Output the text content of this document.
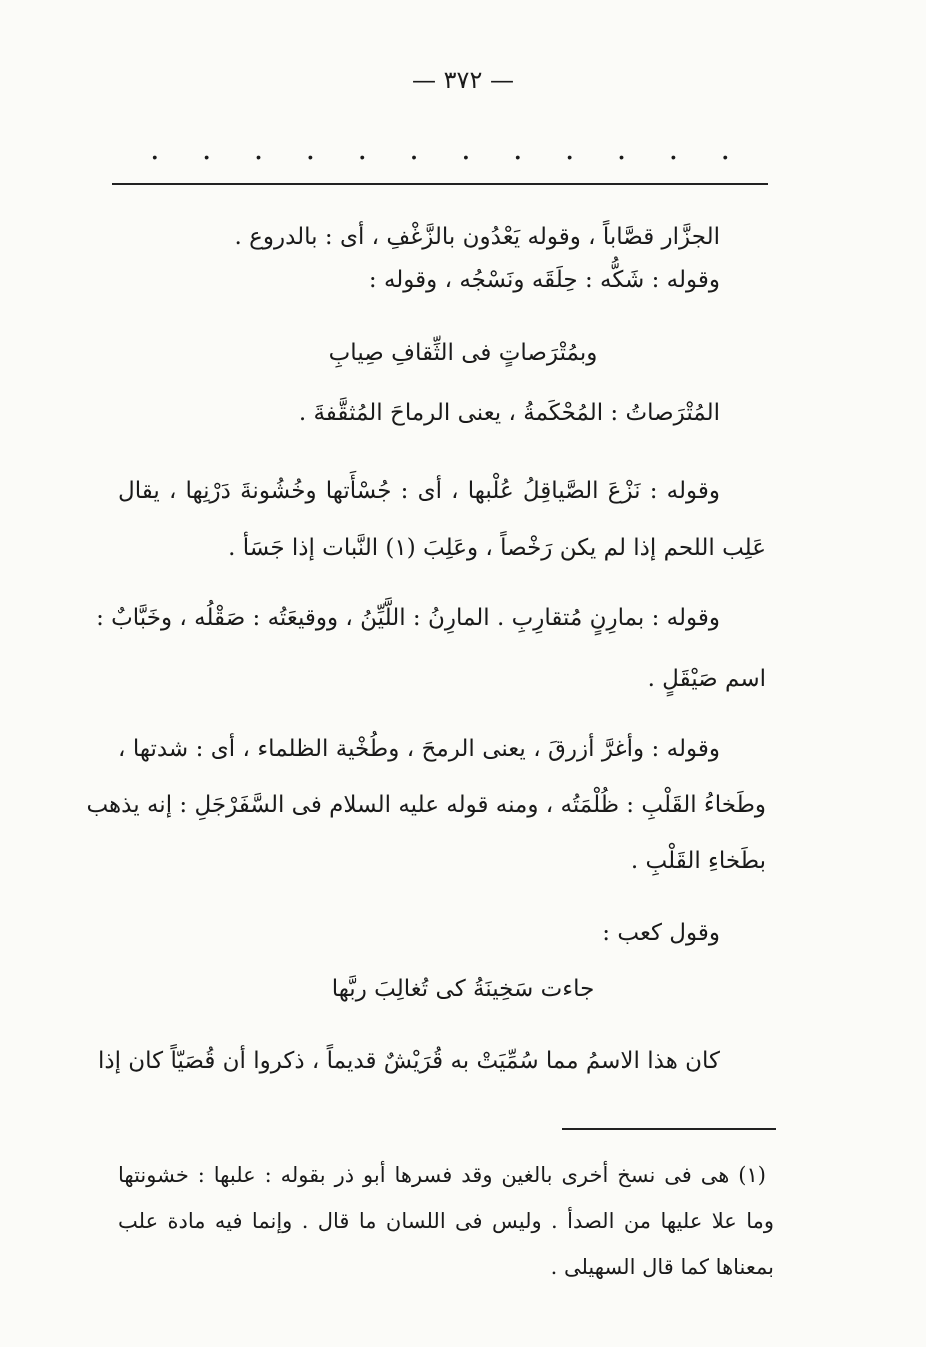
— ٣٧٢ —
. . . . . . . . . . . .
الجزَّار قصَّاباً ، وقوله يَعْدُون بالزَّغْفِ ، أى : بالدروع .
وقوله : شَكُّه : حِلَقَه ونَسْجُه ، وقوله :
وبمُتْرَصاتٍ فى الثِّقافِ صِيابِ
المُتْرَصاتُ : المُحْكَمةُ ، يعنى الرماحَ المُثقَّفةَ .
وقوله : نَزْعَ الصَّياقِلُ عُلْبها ، أى : جُسْأَتها وخُشُونةَ دَرْنِها ، يقال
عَلِب اللحم إذا لم يكن رَخْصاً ، وعَلِبَ (١) النَّبات إذا جَسَأ .
وقوله : بمارِنٍ مُتقارِبِ . المارِنُ : اللَّيِّنُ ، ووقيعَتُه : صَقْلُه ، وخَبَّابٌ :
اسم صَيْقَلٍ .
وقوله : وأغرَّ أزرقَ ، يعنى الرمحَ ، وطُخْية الظلماء ، أى : شدتها ،
وطَخاءُ القَلْبِ : ظُلْمَتُه ، ومنه قوله عليه السلام فى السَّفَرْجَلِ : إنه يذهب
بطَخاءِ القَلْبِ .
وقول كعب :
جاءت سَخِينَةُ كى تُغالِبَ ربَّها
كان هذا الاسمُ مما سُمِّيَتْ به قُرَيْشٌ قديماً ، ذكروا أن قُصَيّاً كان إذا
(١) هى فى نسخ أخرى بالغين وقد فسرها أبو ذر بقوله : علبها : خشونتها
وما علا عليها من الصدأ . وليس فى اللسان ما قال . وإنما فيه مادة علب
بمعناها كما قال السهيلى .
